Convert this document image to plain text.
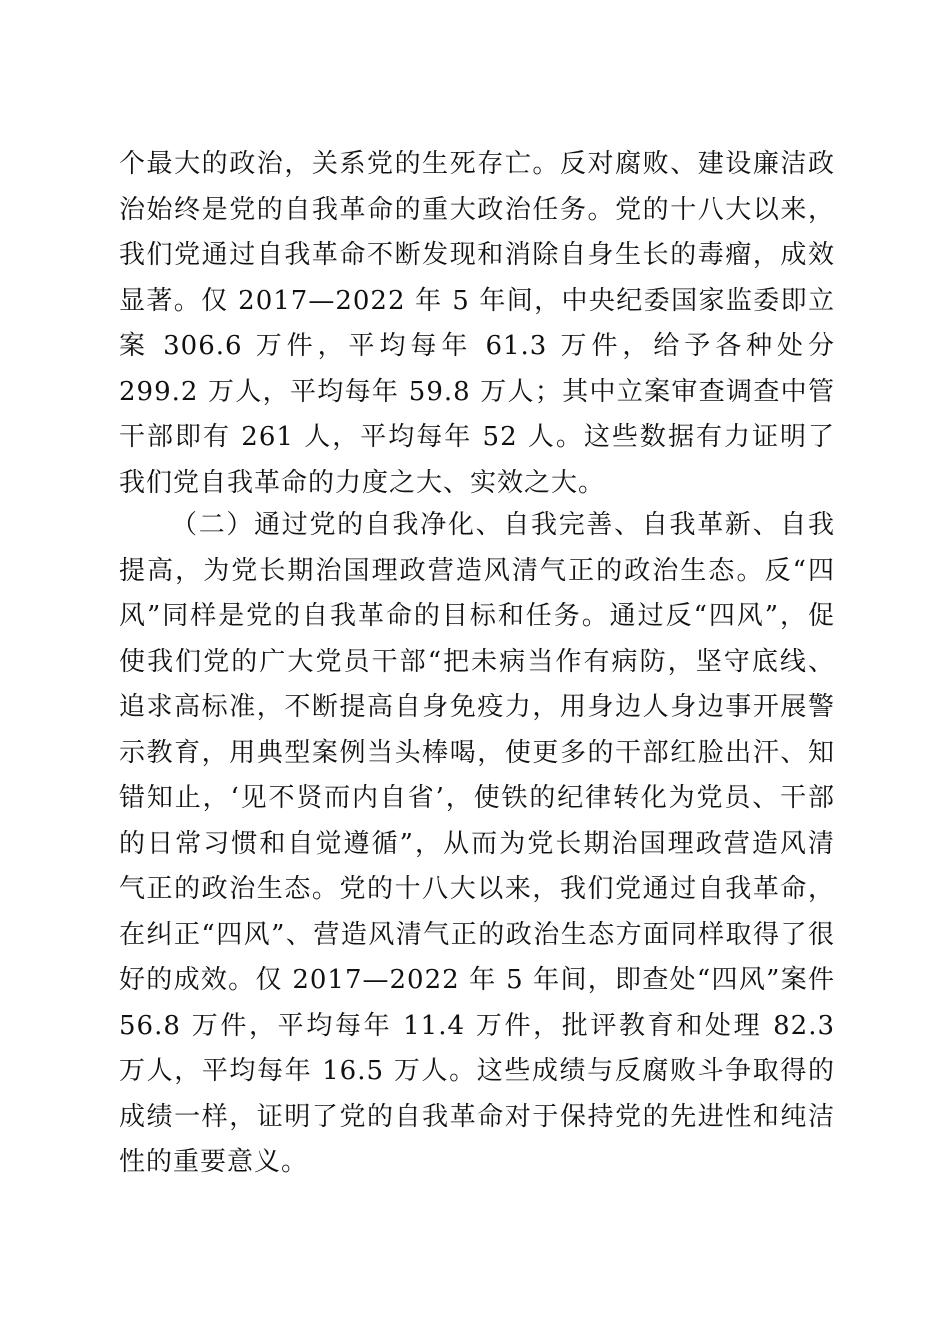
个最大的政治，关系党的生死存亡。反对腐败、建设廉洁政治始终是党的自我革命的重大政治任务。党的十八大以来，我们党通过自我革命不断发现和消除自身生长的毒瘤，成效显著。仅 2017—2022 年 5 年间，中央纪委国家监委即立案 306.6 万件，平均每年 61.3 万件，给予各种处分 299.2 万人，平均每年 59.8 万人；其中立案审查调查中管干部即有 261 人，平均每年 52 人。这些数据有力证明了我们党自我革命的力度之大、实效之大。

（二）通过党的自我净化、自我完善、自我革新、自我提高，为党长期治国理政营造风清气正的政治生态。反“四风”同样是党的自我革命的目标和任务。通过反“四风”，促使我们党的广大党员干部“把未病当作有病防，坚守底线、追求高标准，不断提高自身免疫力，用身边人身边事开展警示教育，用典型案例当头棒喝，使更多的干部红脸出汗、知错知止，‘见不贤而内自省’，使铁的纪律转化为党员、干部的日常习惯和自觉遵循”，从而为党长期治国理政营造风清气正的政治生态。党的十八大以来，我们党通过自我革命，在纠正“四风”、营造风清气正的政治生态方面同样取得了很好的成效。仅 2017—2022 年 5 年间，即查处“四风”案件 56.8 万件，平均每年 11.4 万件，批评教育和处理 82.3 万人，平均每年 16.5 万人。这些成绩与反腐败斗争取得的成绩一样，证明了党的自我革命对于保持党的先进性和纯洁性的重要意义。
